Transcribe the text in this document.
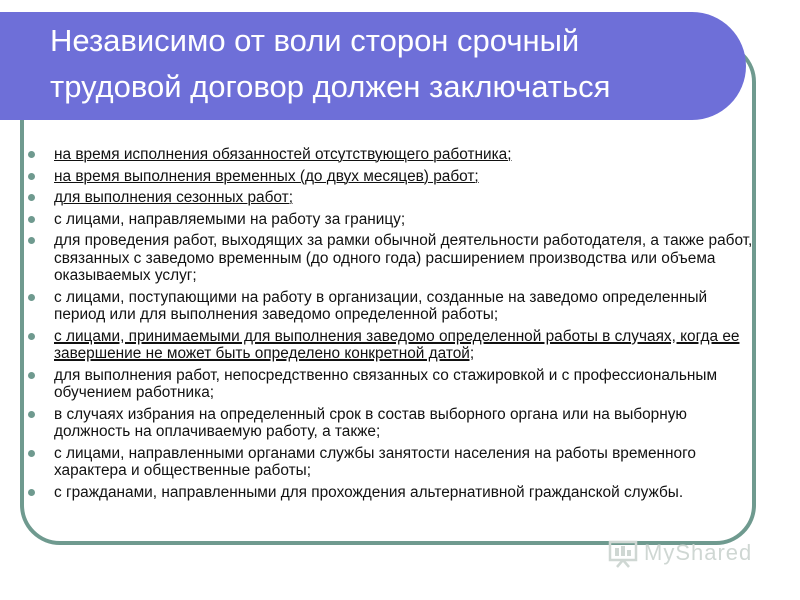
Независимо от воли сторон срочный
трудовой договор должен заключаться
на время исполнения обязанностей отсутствующего работника;
на время выполнения временных (до двух месяцев) работ;
для выполнения сезонных работ;
с лицами, направляемыми на работу за границу;
для проведения работ, выходящих за рамки обычной деятельности работодателя, а также работ, связанных с заведомо временным (до одного года) расширением производства или объема оказываемых услуг;
с лицами, поступающими на работу в организации, созданные на заведомо определенный период или для выполнения заведомо определенной работы;
с лицами, принимаемыми для выполнения заведомо определенной работы в случаях, когда ее завершение не может быть определено конкретной датой;
для выполнения работ, непосредственно связанных со стажировкой и с профессиональным обучением работника;
в случаях избрания на определенный срок в состав выборного органа или на выборную должность на оплачиваемую работу, а также;
с лицами, направленными органами службы занятости населения на работы временного характера и общественные работы;
с гражданами, направленными для прохождения альтернативной гражданской службы.
MyShared
